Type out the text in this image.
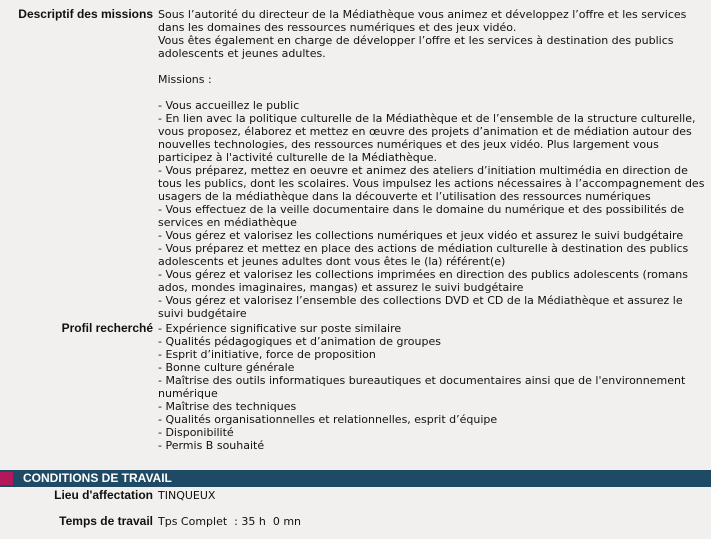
Descriptif des missions Sous l’autorité du directeur de la Médiathèque vous animez et développez l’offre et les services

dans les domaines des ressources numériques et des jeux vidéo.

Vous êtes également en charge de développer l’offre et les services à destination des publics

adolescents et jeunes adultes.

Missions :

- Vous accueillez le public

- En lien avec la politique culturelle de la Médiathèque et de l’ensemble de la structure culturelle,

vous proposez, élaborez et mettez en œuvre des projets d’animation et de médiation autour des

nouvelles technologies, des ressources numériques et des jeux vidéo. Plus largement vous

participez à l'activité culturelle de la Médiathèque.

- Vous préparez, mettez en oeuvre et animez des ateliers d’initiation multimédia en direction de

tous les publics, dont les scolaires. Vous impulsez les actions nécessaires à l’accompagnement des

usagers de la médiathèque dans la découverte et l’utilisation des ressources numériques

- Vous effectuez de la veille documentaire dans le domaine du numérique et des possibilités de

services en médiathèque

- Vous gérez et valorisez les collections numériques et jeux vidéo et assurez le suivi budgétaire

- Vous préparez et mettez en place des actions de médiation culturelle à destination des publics

adolescents et jeunes adultes dont vous êtes le (la) référent(e)

- Vous gérez et valorisez les collections imprimées en direction des publics adolescents (romans

ados, mondes imaginaires, mangas) et assurez le suivi budgétaire

- Vous gérez et valorisez l’ensemble des collections DVD et CD de la Médiathèque et assurez le

suivi budgétaire

Profil recherché - Expérience significative sur poste similaire

- Qualités pédagogiques et d’animation de groupes

- Esprit d’initiative, force de proposition

- Bonne culture générale

- Maîtrise des outils informatiques bureautiques et documentaires ainsi que de l'environnement

numérique

- Maîtrise des techniques

- Qualités organisationnelles et relationnelles, esprit d’équipe

- Disponibilité

- Permis B souhaité

CONDITIONS DE TRAVAIL
Lieu d'affectation TINQUEUX
Temps de travail Tps Complet  : 35 h  0 mn
